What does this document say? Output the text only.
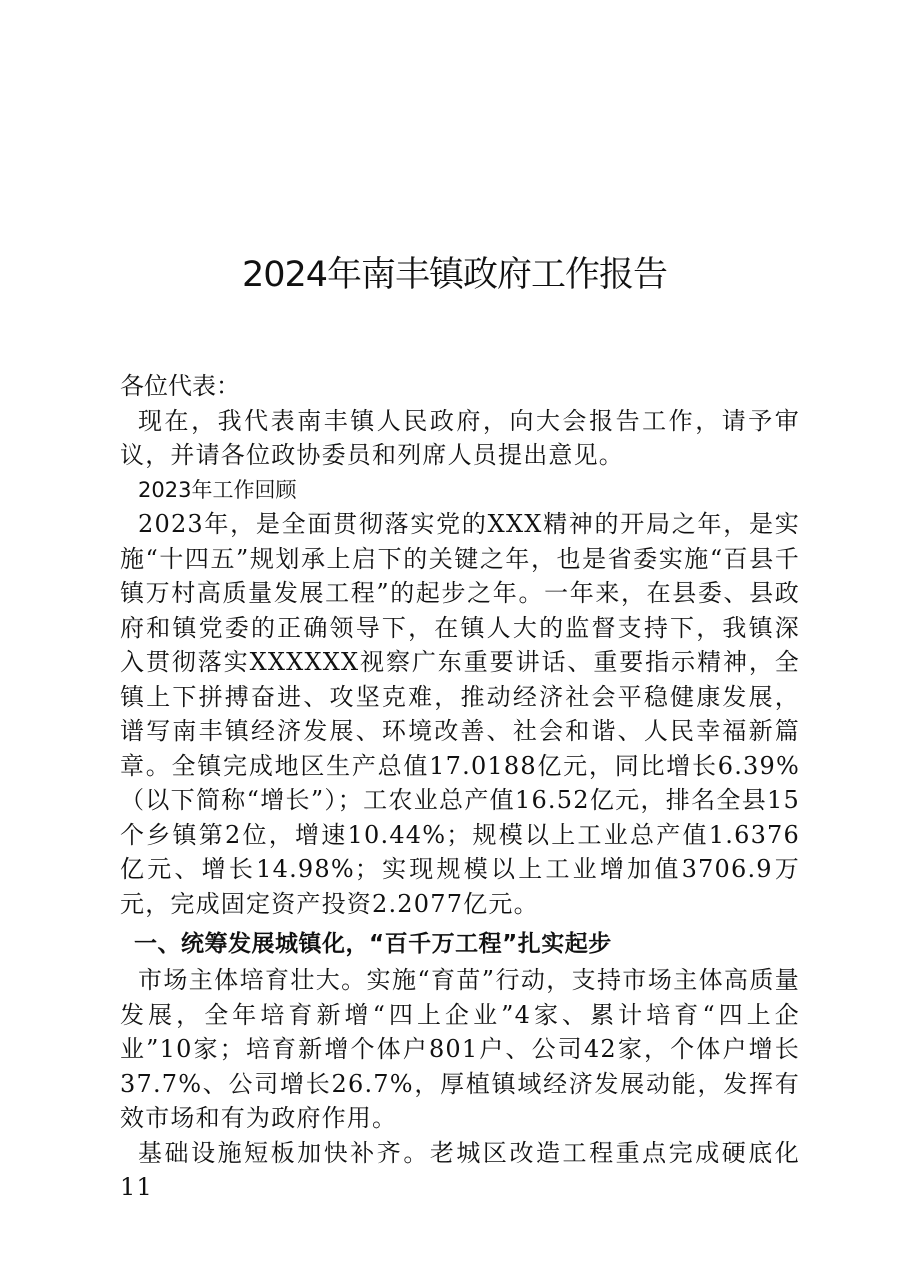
2024年南丰镇政府工作报告

各位代表：

现在，我代表南丰镇人民政府，向大会报告工作，请予审议，并请各位政协委员和列席人员提出意见。

2023年工作回顾

2023年，是全面贯彻落实党的XXX精神的开局之年，是实施“十四五”规划承上启下的关键之年，也是省委实施“百县千镇万村高质量发展工程”的起步之年。一年来，在县委、县政府和镇党委的正确领导下，在镇人大的监督支持下，我镇深入贯彻落实XXXXXX视察广东重要讲话、重要指示精神，全镇上下拼搏奋进、攻坚克难，推动经济社会平稳健康发展，谱写南丰镇经济发展、环境改善、社会和谐、人民幸福新篇章。全镇完成地区生产总值17.0188亿元，同比增长6.39%（以下简称“增长”）；工农业总产值16.52亿元，排名全县15个乡镇第2位，增速10.44%；规模以上工业总产值1.6376亿元、增长14.98%；实现规模以上工业增加值3706.9万元，完成固定资产投资2.2077亿元。

一、统筹发展城镇化，“百千万工程”扎实起步

市场主体培育壮大。实施“育苗”行动，支持市场主体高质量发展，全年培育新增“四上企业”4家、累计培育“四上企业”10家；培育新增个体户801户、公司42家，个体户增长37.7%、公司增长26.7%，厚植镇域经济发展动能，发挥有效市场和有为政府作用。

基础设施短板加快补齐。老城区改造工程重点完成硬底化11
